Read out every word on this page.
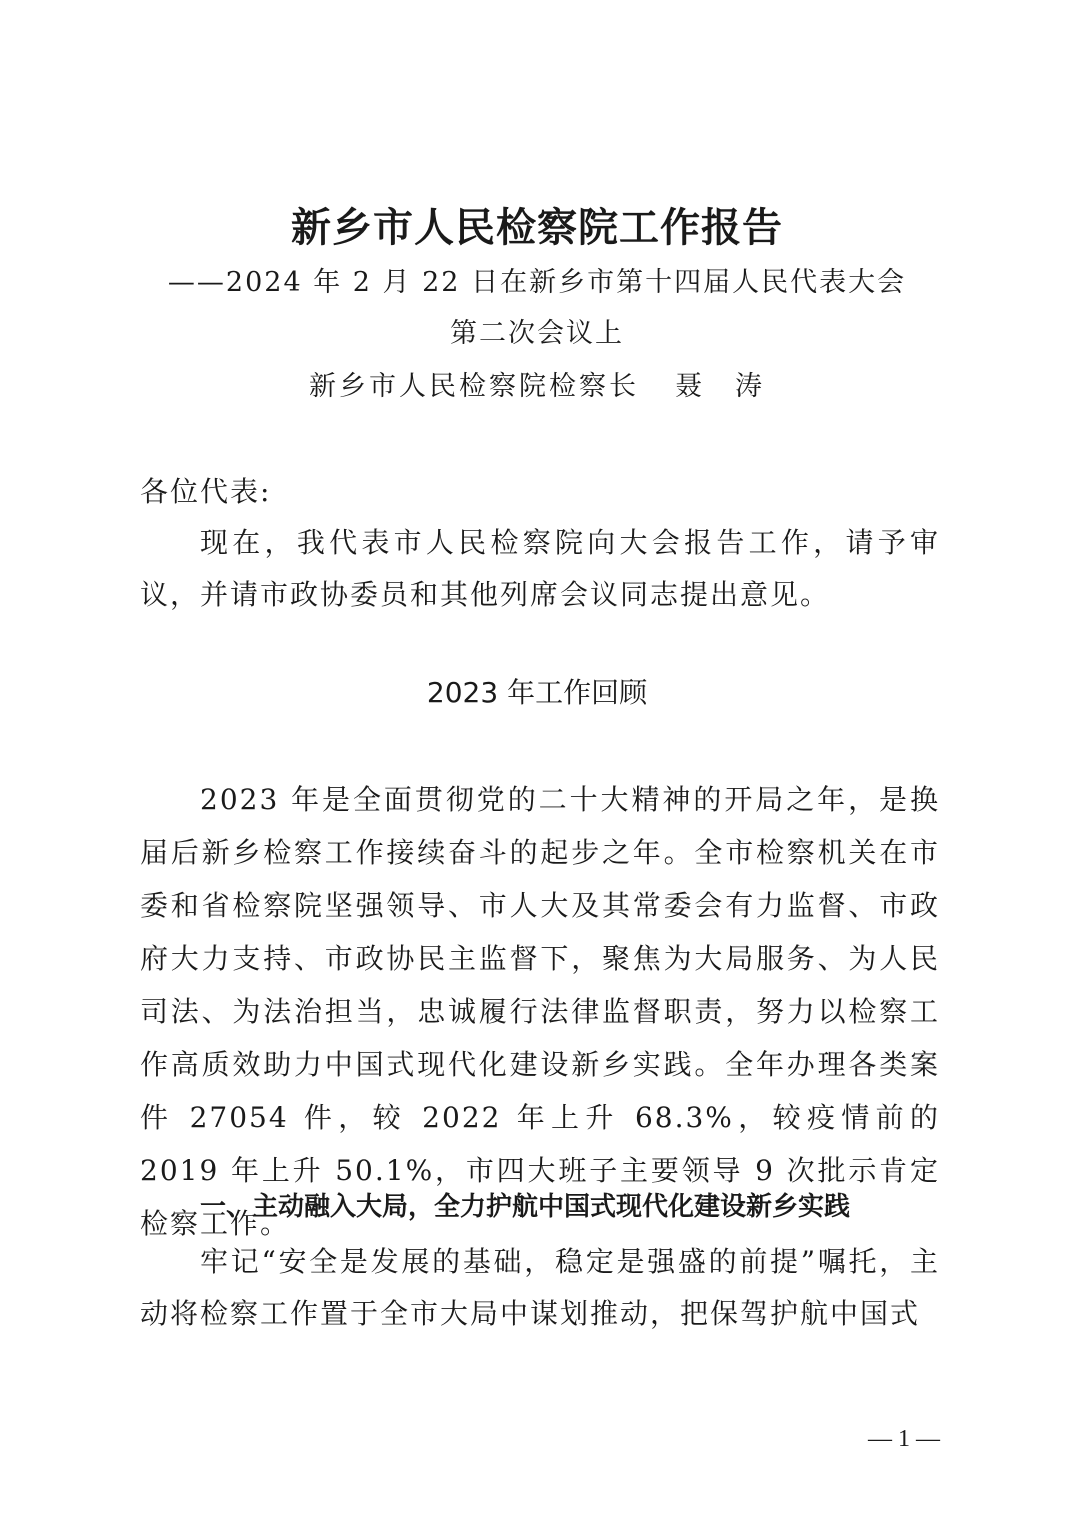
新乡市人民检察院工作报告
——2024 年 2 月 22 日在新乡市第十四届人民代表大会
第二次会议上
新乡市人民检察院检察长 聂　涛
各位代表:
现在，我代表市人民检察院向大会报告工作，请予审议，并请市政协委员和其他列席会议同志提出意见。
2023 年工作回顾
2023 年是全面贯彻党的二十大精神的开局之年，是换届后新乡检察工作接续奋斗的起步之年。全市检察机关在市委和省检察院坚强领导、市人大及其常委会有力监督、市政府大力支持、市政协民主监督下，聚焦为大局服务、为人民司法、为法治担当，忠诚履行法律监督职责，努力以检察工作高质效助力中国式现代化建设新乡实践。全年办理各类案件 27054 件，较 2022 年上升 68.3%，较疫情前的 2019 年上升 50.1%，市四大班子主要领导 9 次批示肯定检察工作。
一、主动融入大局，全力护航中国式现代化建设新乡实践
牢记“安全是发展的基础，稳定是强盛的前提”嘱托，主动将检察工作置于全市大局中谋划推动，把保驾护航中国式
— 1 —
